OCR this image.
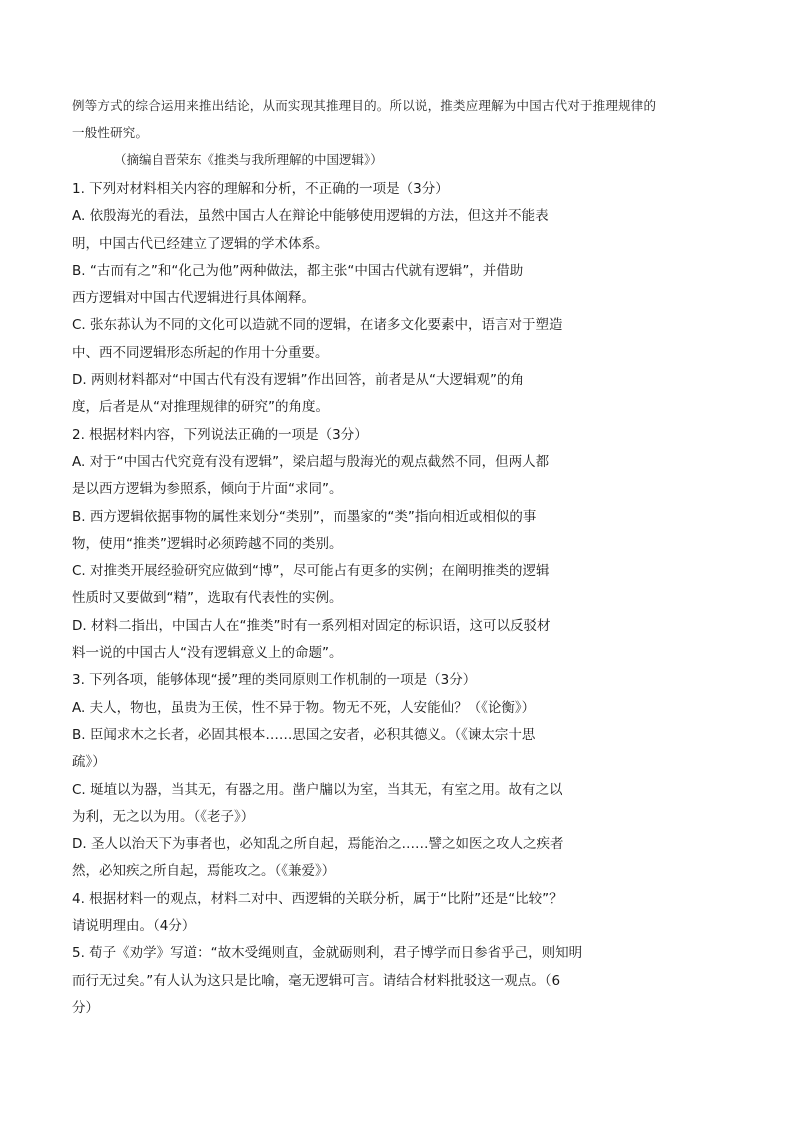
例等方式的综合运用来推出结论，从而实现其推理目的。所以说，推类应理解为中国古代对于推理规律的

一般性研究。

（摘编自晋荣东《推类与我所理解的中国逻辑》）

1. 下列对材料相关内容的理解和分析，不正确的一项是（3分）

A. 依殷海光的看法，虽然中国古人在辩论中能够使用逻辑的方法，但这并不能表

明，中国古代已经建立了逻辑的学术体系。

B. “古而有之”和“化己为他”两种做法，都主张“中国古代就有逻辑”，并借助

西方逻辑对中国古代逻辑进行具体阐释。

C. 张东荪认为不同的文化可以造就不同的逻辑，在诸多文化要素中，语言对于塑造

中、西不同逻辑形态所起的作用十分重要。

D. 两则材料都对“中国古代有没有逻辑”作出回答，前者是从“大逻辑观”的角

度，后者是从“对推理规律的研究”的角度。

2. 根据材料内容，下列说法正确的一项是（3分）

A. 对于“中国古代究竟有没有逻辑”，梁启超与殷海光的观点截然不同，但两人都

是以西方逻辑为参照系，倾向于片面“求同”。

B. 西方逻辑依据事物的属性来划分“类别”，而墨家的“类”指向相近或相似的事

物，使用“推类”逻辑时必须跨越不同的类别。

C. 对推类开展经验研究应做到“博”，尽可能占有更多的实例；在阐明推类的逻辑

性质时又要做到“精”，选取有代表性的实例。

D. 材料二指出，中国古人在“推类”时有一系列相对固定的标识语，这可以反驳材

料一说的中国古人“没有逻辑意义上的命题”。

3. 下列各项，能够体现“援”理的类同原则工作机制的一项是（3分）

A. 夫人，物也，虽贵为王侯，性不异于物。物无不死，人安能仙？（《论衡》）

B. 臣闻求木之长者，必固其根本……思国之安者，必积其德义。（《谏太宗十思

疏》）

C. 埏埴以为器，当其无，有器之用。凿户牖以为室，当其无，有室之用。故有之以

为利，无之以为用。（《老子》）

D. 圣人以治天下为事者也，必知乱之所自起，焉能治之……譬之如医之攻人之疾者

然，必知疾之所自起，焉能攻之。（《兼爱》）

4. 根据材料一的观点，材料二对中、西逻辑的关联分析，属于“比附”还是“比较”？

请说明理由。（4分）

5. 荀子《劝学》写道：“故木受绳则直，金就砺则利，君子博学而日参省乎己，则知明

而行无过矣。”有人认为这只是比喻，毫无逻辑可言。请结合材料批驳这一观点。（6

分）
